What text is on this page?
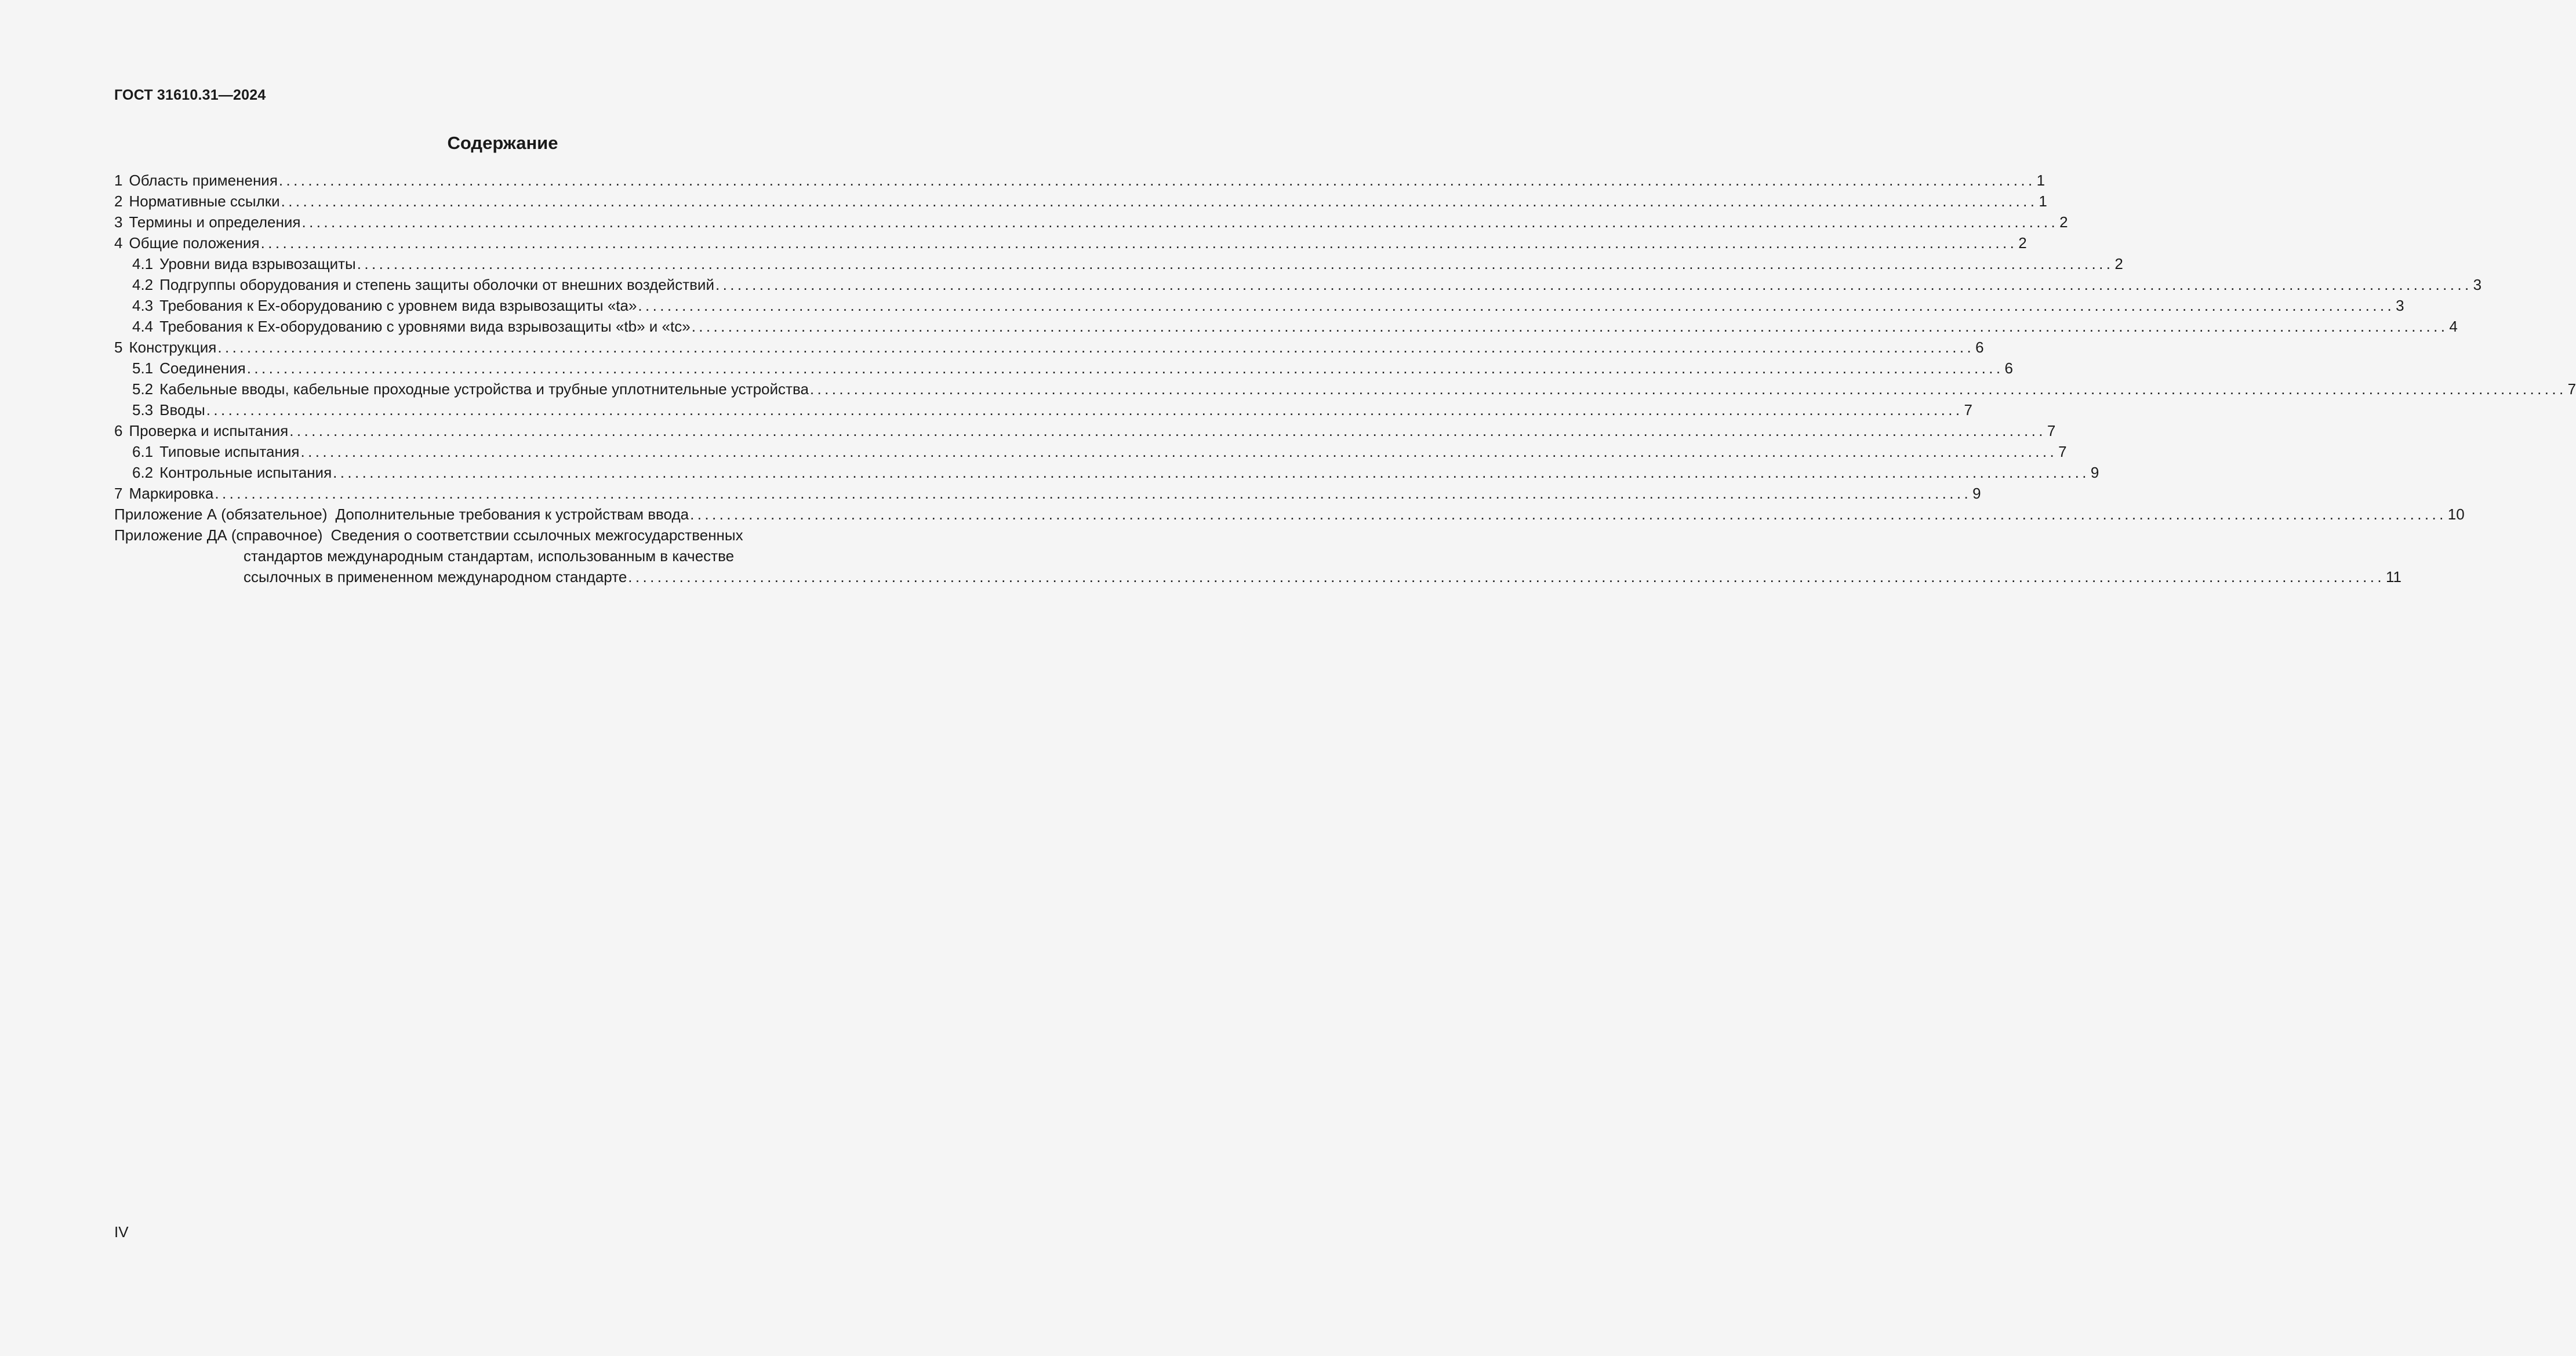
ГОСТ 31610.31—2024
Содержание
1 Область применения ................................................................................................................................................................................................................................................ 1
2 Нормативные ссылки ................................................................................................................................................................................................................................................ 1
3 Термины и определения ................................................................................................................................................................................................................................................ 2
4 Общие положения ................................................................................................................................................................................................................................................ 2
4.1 Уровни вида взрывозащиты ................................................................................................................................................................................................................................................ 2
4.2 Подгруппы оборудования и степень защиты оболочки от внешних воздействий ................................................................................................................................................................................................................................................ 3
4.3 Требования к Ex-оборудованию с уровнем вида взрывозащиты «ta» ................................................................................................................................................................................................................................................ 3
4.4 Требования к Ex-оборудованию с уровнями вида взрывозащиты «tb» и «tc» ................................................................................................................................................................................................................................................ 4
5 Конструкция ................................................................................................................................................................................................................................................ 6
5.1 Соединения ................................................................................................................................................................................................................................................ 6
5.2 Кабельные вводы, кабельные проходные устройства и трубные уплотнительные устройства ................................................................................................................................................................................................................................................ 7
5.3 Вводы ................................................................................................................................................................................................................................................ 7
6 Проверка и испытания ................................................................................................................................................................................................................................................ 7
6.1 Типовые испытания ................................................................................................................................................................................................................................................ 7
6.2 Контрольные испытания ................................................................................................................................................................................................................................................ 9
7 Маркировка ................................................................................................................................................................................................................................................ 9
Приложение А (обязательное) Дополнительные требования к устройствам ввода ................................................................................................................................................................................................................................................ 10
Приложение ДА (справочное) Сведения о соответствии ссылочных межгосударственных
стандартов международным стандартам, использованным в качестве
ссылочных в примененном международном стандарте ................................................................................................................................................................................................................................................ 11
IV
